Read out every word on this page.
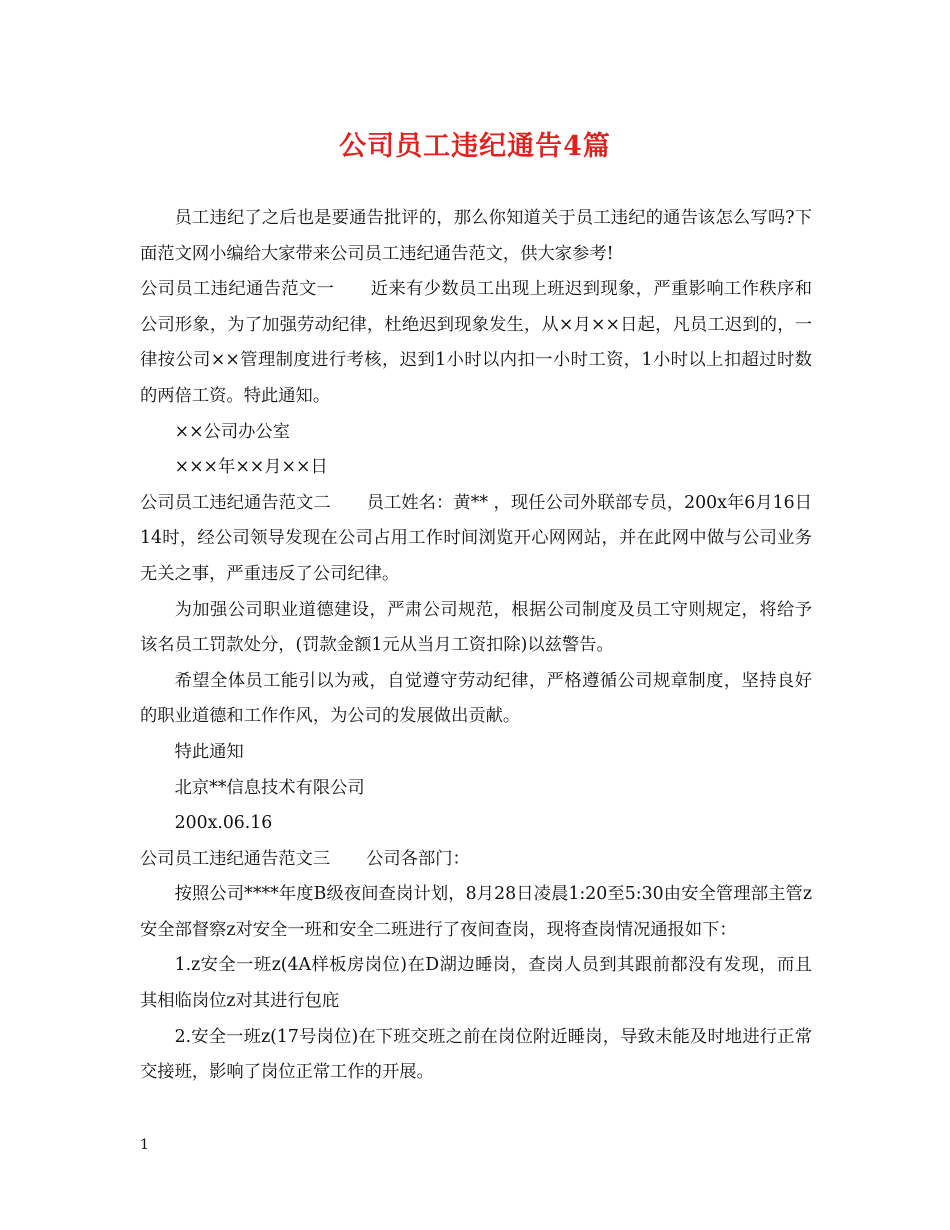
公司员工违纪通告4篇

员工违纪了之后也是要通告批评的，那么你知道关于员工违纪的通告该怎么写吗?下面范文网小编给大家带来公司员工违纪通告范文，供大家参考!

公司员工违纪通告范文一 近来有少数员工出现上班迟到现象，严重影响工作秩序和公司形象，为了加强劳动纪律，杜绝迟到现象发生，从×月××日起，凡员工迟到的，一律按公司××管理制度进行考核，迟到1小时以内扣一小时工资，1小时以上扣超过时数的两倍工资。特此通知。

××公司办公室

×××年××月××日

公司员工违纪通告范文二 员工姓名：黄** ，现任公司外联部专员，200x年6月16日14时，经公司领导发现在公司占用工作时间浏览开心网网站，并在此网中做与公司业务无关之事，严重违反了公司纪律。

为加强公司职业道德建设，严肃公司规范，根据公司制度及员工守则规定，将给予该名员工罚款处分，(罚款金额1元从当月工资扣除)以兹警告。

希望全体员工能引以为戒，自觉遵守劳动纪律，严格遵循公司规章制度，坚持良好的职业道德和工作作风，为公司的发展做出贡献。

特此通知

北京**信息技术有限公司

200x.06.16

公司员工违纪通告范文三 公司各部门：

按照公司****年度B级夜间查岗计划，8月28日凌晨1:20至5:30由安全管理部主管z安全部督察z对安全一班和安全二班进行了夜间查岗，现将查岗情况通报如下：

1.z安全一班z(4A样板房岗位)在D湖边睡岗，查岗人员到其跟前都没有发现，而且其相临岗位z对其进行包庇

2.安全一班z(17号岗位)在下班交班之前在岗位附近睡岗，导致未能及时地进行正常交接班，影响了岗位正常工作的开展。

1
